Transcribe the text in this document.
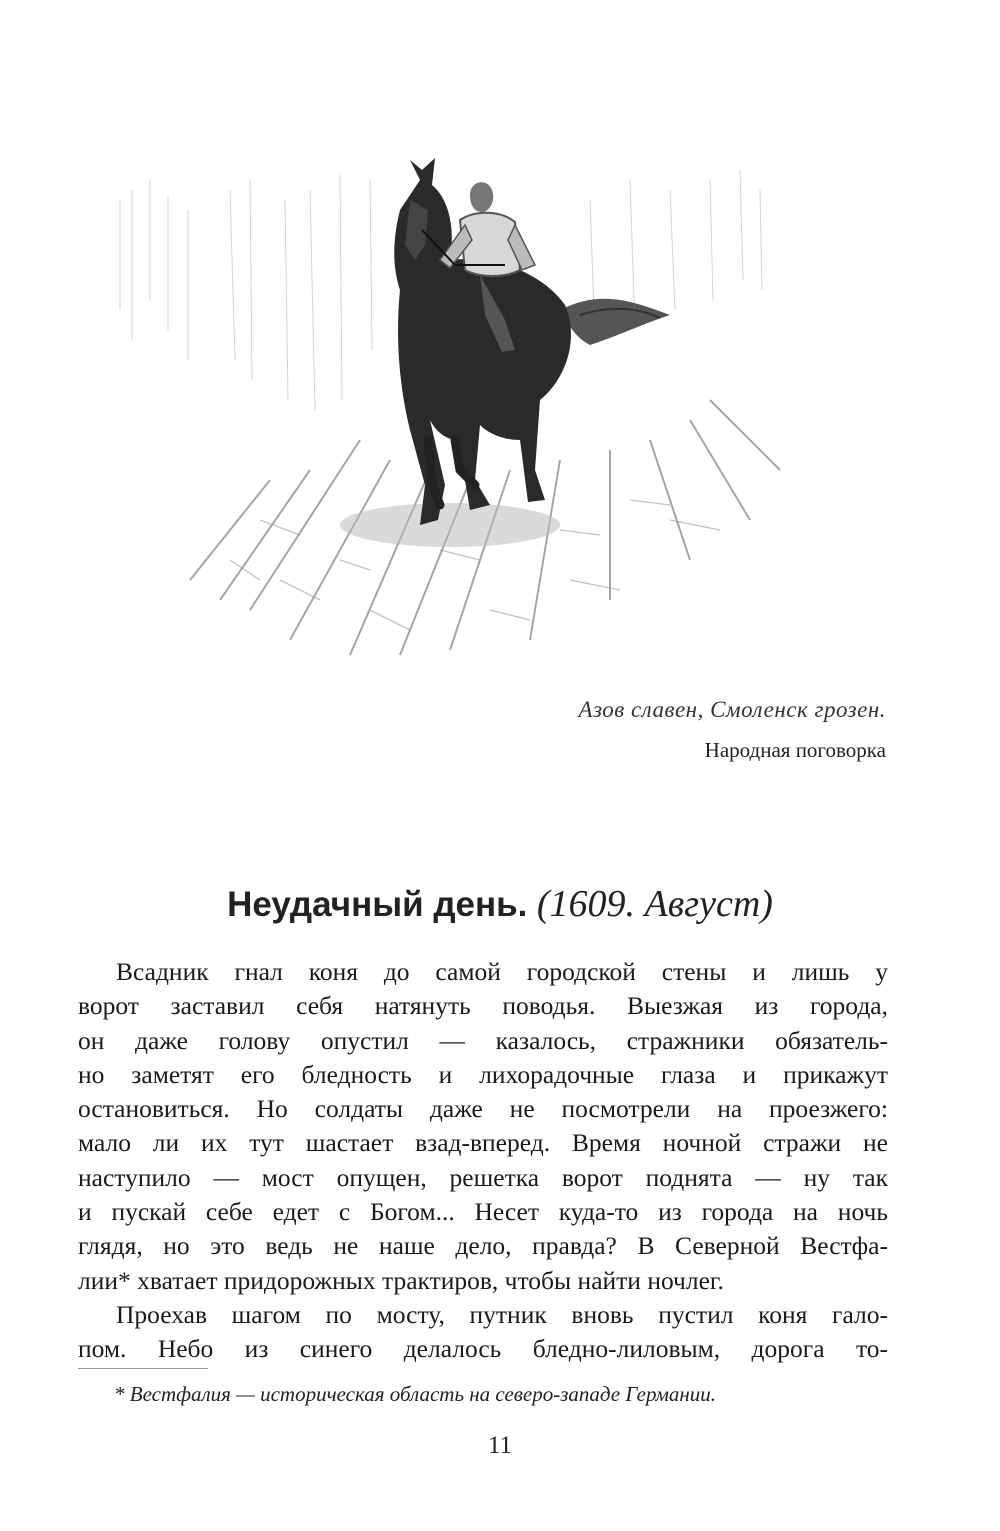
Азов славен, Смоленск грозен.
Народная поговорка
Неудачный день. (1609. Август)
Всадник гнал коня до самой городской стены и лишь у
ворот заставил себя натянуть поводья. Выезжая из города,
он даже голову опустил — казалось, стражники обязатель-
но заметят его бледность и лихорадочные глаза и прикажут
остановиться. Но солдаты даже не посмотрели на проезжего:
мало ли их тут шастает взад-вперед. Время ночной стражи не
наступило — мост опущен, решетка ворот поднята — ну так
и пускай себе едет с Богом... Несет куда-то из города на ночь
глядя, но это ведь не наше дело, правда? В Северной Вестфа-
лии* хватает придорожных трактиров, чтобы найти ночлег.
Проехав шагом по мосту, путник вновь пустил коня гало-
пом. Небо из синего делалось бледно-лиловым, дорога то-
* Вестфалия — историческая область на северо-западе Германии.
11
